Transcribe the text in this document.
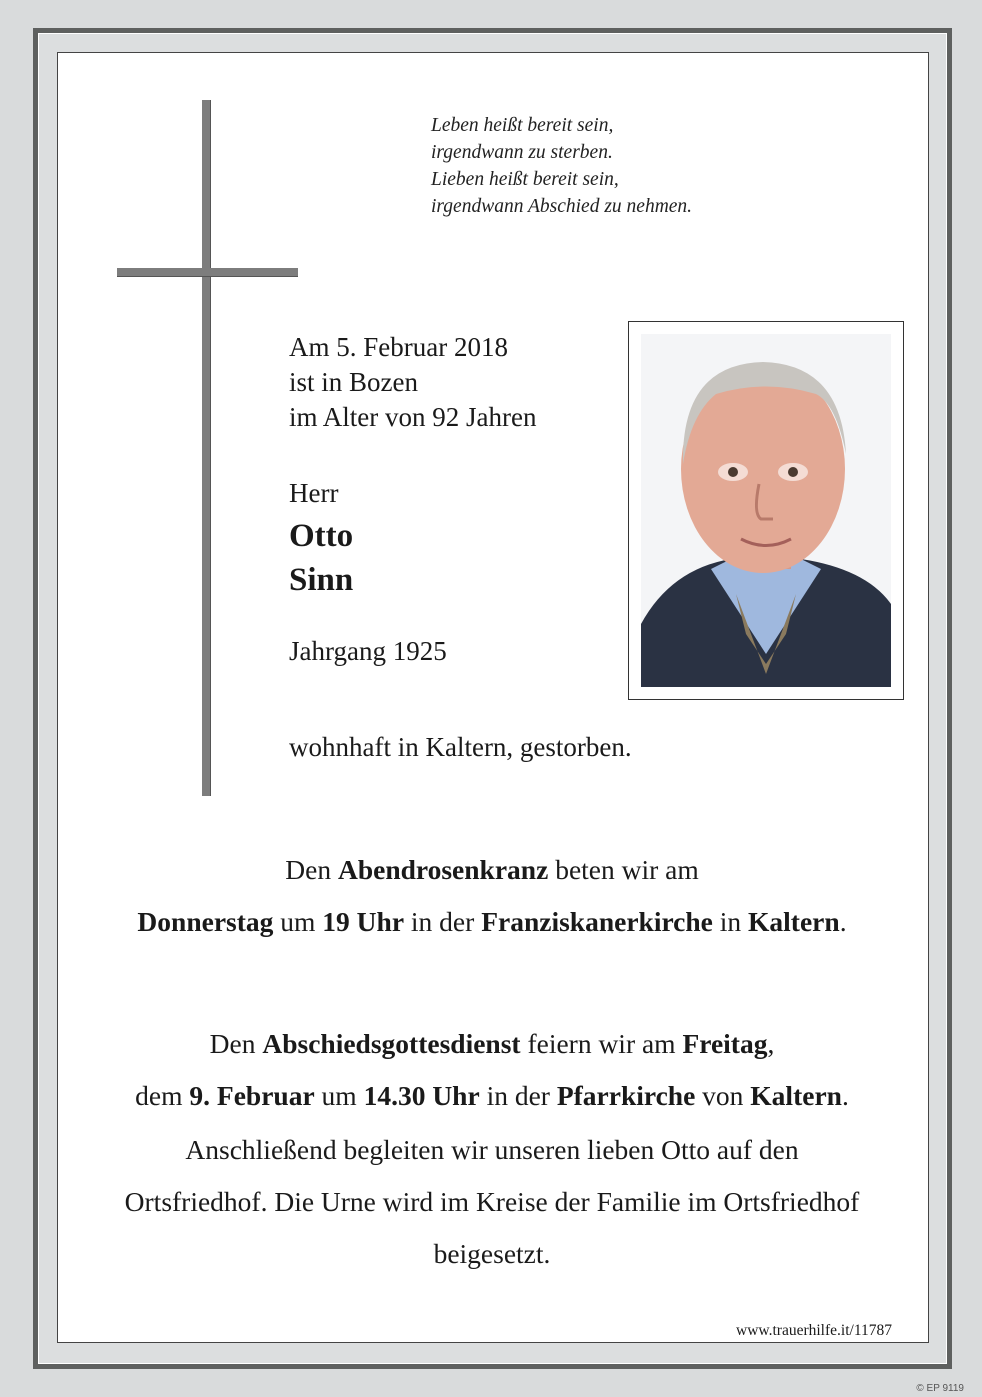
Leben heißt bereit sein,
irgendwann zu sterben.
Lieben heißt bereit sein,
irgendwann Abschied zu nehmen.
Am 5. Februar 2018
ist in Bozen
im Alter von 92 Jahren
Herr
Otto
Sinn
Jahrgang 1925
wohnhaft in Kaltern, gestorben.
Den Abendrosenkranz beten wir am
Donnerstag um 19 Uhr in der Franziskanerkirche in Kaltern.
Den Abschiedsgottesdienst feiern wir am Freitag,
dem 9. Februar um 14.30 Uhr in der Pfarrkirche von Kaltern.
Anschließend begleiten wir unseren lieben Otto auf den
Ortsfriedhof. Die Urne wird im Kreise der Familie im Ortsfriedhof
beigesetzt.
www.trauerhilfe.it/11787
© EP 9119
